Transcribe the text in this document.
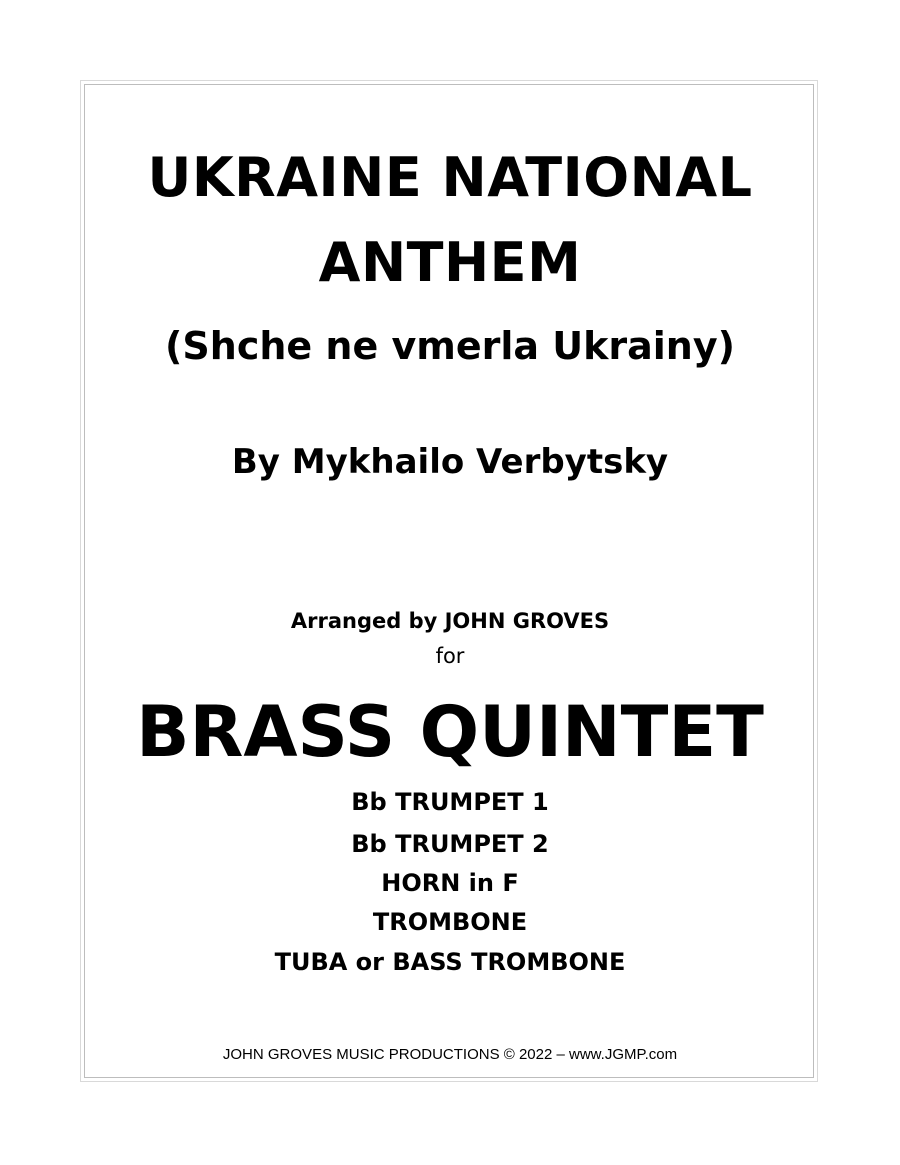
UKRAINE NATIONAL
ANTHEM
(Shche ne vmerla Ukrainy)
By Mykhailo Verbytsky
Arranged by JOHN GROVES
for
BRASS QUINTET
Bb TRUMPET 1
Bb TRUMPET 2
HORN in F
TROMBONE
TUBA or BASS TROMBONE
JOHN GROVES MUSIC PRODUCTIONS © 2022 – www.JGMP.com
